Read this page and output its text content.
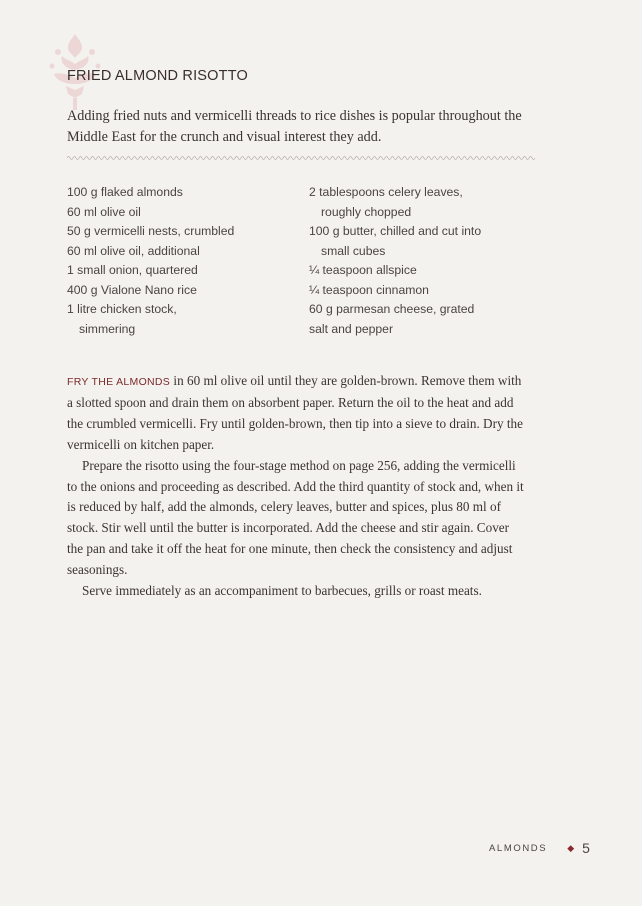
FRIED ALMOND RISOTTO
Adding fried nuts and vermicelli threads to rice dishes is popular throughout the Middle East for the crunch and visual interest they add.
100 g flaked almonds
60 ml olive oil
50 g vermicelli nests, crumbled
60 ml olive oil, additional
1 small onion, quartered
400 g Vialone Nano rice
1 litre chicken stock,
simmering
2 tablespoons celery leaves,
roughly chopped
100 g butter, chilled and cut into
small cubes
¼ teaspoon allspice
¼ teaspoon cinnamon
60 g parmesan cheese, grated
salt and pepper

FRY THE ALMONDS in 60 ml olive oil until they are golden-brown. Remove them with a slotted spoon and drain them on absorbent paper. Return the oil to the heat and add the crumbled vermicelli. Fry until golden-brown, then tip into a sieve to drain. Dry the vermicelli on kitchen paper.

Prepare the risotto using the four-stage method on page 256, adding the vermicelli to the onions and proceeding as described. Add the third quantity of stock and, when it is reduced by half, add the almonds, celery leaves, butter and spices, plus 80 ml of stock. Stir well until the butter is incorporated. Add the cheese and stir again. Cover the pan and take it off the heat for one minute, then check the consistency and adjust seasonings.

Serve immediately as an accompaniment to barbecues, grills or roast meats.

ALMONDS ◆ 5
